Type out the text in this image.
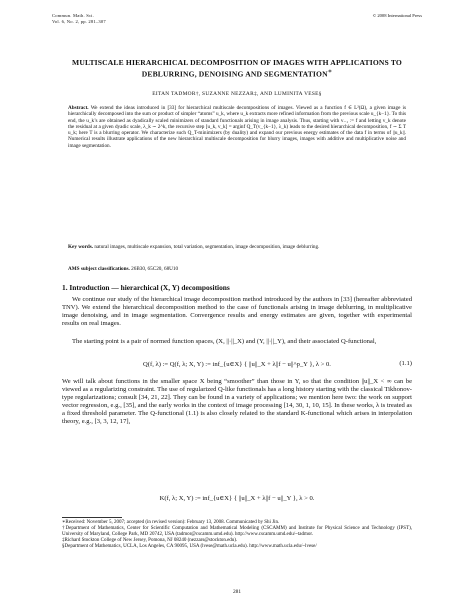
Commun. Math. Sci.
Vol. 6, No. 2, pp. 281–307
© 2008 International Press
MULTISCALE HIERARCHICAL DECOMPOSITION OF IMAGES WITH APPLICATIONS TO DEBLURRING, DENOISING AND SEGMENTATION∗
EITAN TADMOR†, SUZANNE NEZZAR‡, AND LUMINITA VESE§
Abstract. We extend the ideas introduced in [33] for hierarchical multiscale decompositions of images. Viewed as a function f ∈ L²(Ω), a given image is hierarchically decomposed into the sum or product of simpler “atoms” u_k, where u_k extracts more refined information from the previous scale u_{k−1}. To this end, the u_k’s are obtained as dyadically scaled minimizers of standard functionals arising in image analysis. Thus, starting with v₋₁ := f and letting v_k denote the residual at a given dyadic scale, λ_k ∼ 2^k, the recursive step [u_k, v_k] = arginf Q_T(v_{k−1}, λ_k) leads to the desired hierarchical decomposition, f ∼ Σ T u_k; here T is a blurring operator. We characterize such Q_T-minimizers (by duality) and expand our previous energy estimates of the data f in terms of ||u_k||. Numerical results illustrate applications of the new hierarchical multiscale decomposition for blurry images, images with additive and multiplicative noise and image segmentation.
Key words. natural images, multiscale expansion, total variation, segmentation, image decomposition, image deblurring.
AMS subject classifications. 26B30, 65C20, 68U10
1. Introduction — hierarchical (X, Y) decompositions
We continue our study of the hierarchical image decomposition method introduced by the authors in [33] (hereafter abbreviated TNV). We extend the hierarchical decomposition method to the case of functionals arising in image deblurring, in multiplicative image denoising, and in image segmentation. Convergence results and energy estimates are given, together with experimental results on real images.
The starting point is a pair of normed function spaces, (X, ||·||_X) and (Y, ||·||_Y), and their associated Q-functional,
Q(f, λ) := Q(f, λ; X, Y) := inf_{u∈X} { ||u||_X + λ||f − u||^p_Y }, λ > 0.	(1.1)
We will talk about functions in the smaller space X being “smoother” than those in Y, so that the condition ||u||_X < ∞ can be viewed as a regularizing constraint. The use of regularized Q-like functionals has a long history starting with the classical Tikhonov-type regularizations; consult [34, 21, 22]. They can be found in a variety of applications; we mention here two: the work on support vector regression, e.g., [35], and the early works in the context of image processing [14, 30, 1, 10, 15]. In these works, λ is treated as a fixed threshold parameter. The Q-functional (1.1) is also closely related to the standard K-functional which arises in interpolation theory, e.g., [3, 3, 12, 17],
K(f, λ; X, Y) := inf_{u∈X} { ||u||_X + λ||f − u||_Y }, λ > 0.
∗Received: November 5, 2007; accepted (in revised version): February 13, 2008. Communicated by Shi Jin.
†Department of Mathematics, Center for Scientific Computation and Mathematical Modeling (CSCAMM) and Institute for Physical Science and Technology (IPST), University of Maryland, College Park, MD 20742, USA (tadmor@cscamm.umd.edu). http://www.cscamm.umd.edu/~tadmor.
‡Richard Stockton College of New Jersey, Pomona, NJ 08240 (nezzars@stockton.edu).
§Department of Mathematics, UCLA, Los Angeles, CA 90095, USA (lvese@math.ucla.edu). http://www.math.ucla.edu/~lvese/
281
